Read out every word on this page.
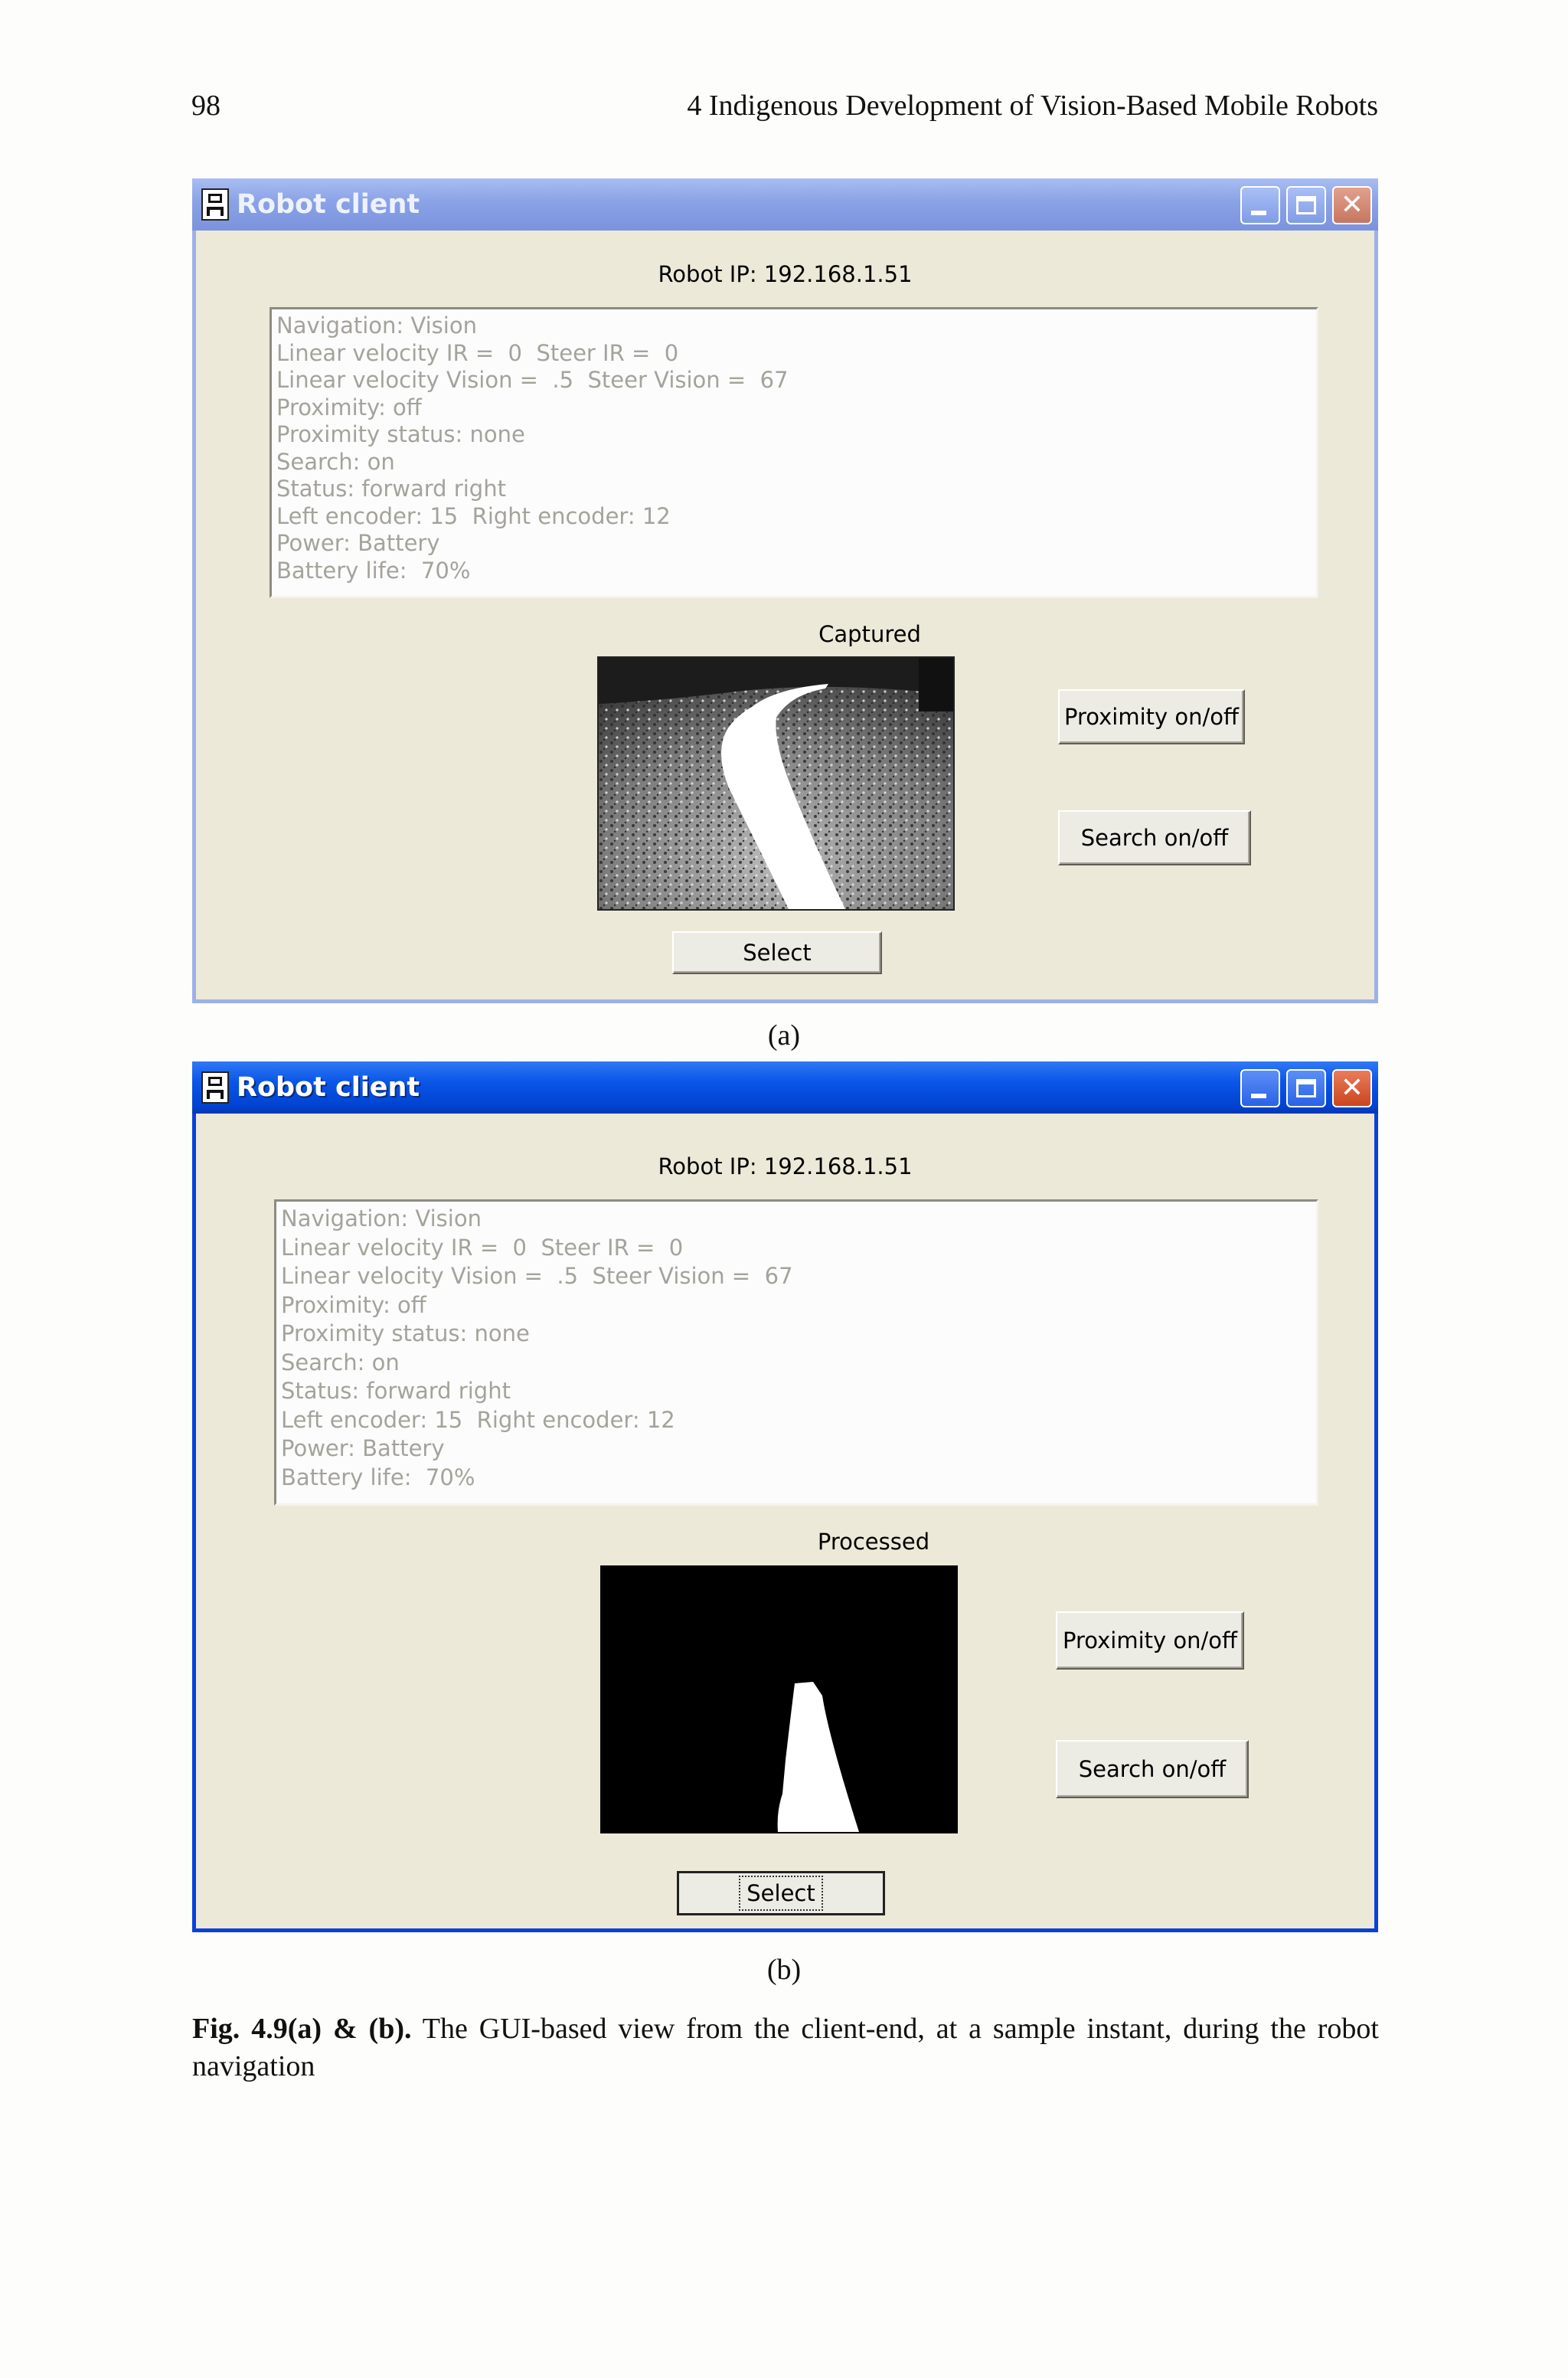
98	4 Indigenous Development of Vision-Based Mobile Robots
Robot client	✕
Robot IP: 192.168.1.51
Navigation: Vision
Linear velocity IR =  0  Steer IR =  0
Linear velocity Vision =  .5  Steer Vision =  67
Proximity: off
Proximity status: none
Search: on
Status: forward right
Left encoder: 15  Right encoder: 12
Power: Battery
Battery life:  70%
Captured
Proximity on/off
Search on/off
Select
(a)
Robot client	✕
Robot IP: 192.168.1.51
Navigation: Vision
Linear velocity IR =  0  Steer IR =  0
Linear velocity Vision =  .5  Steer Vision =  67
Proximity: off
Proximity status: none
Search: on
Status: forward right
Left encoder: 15  Right encoder: 12
Power: Battery
Battery life:  70%
Processed
Proximity on/off
Search on/off
Select
(b)
Fig. 4.9(a) & (b). The GUI-based view from the client-end, at a sample instant, during the robot navigation
